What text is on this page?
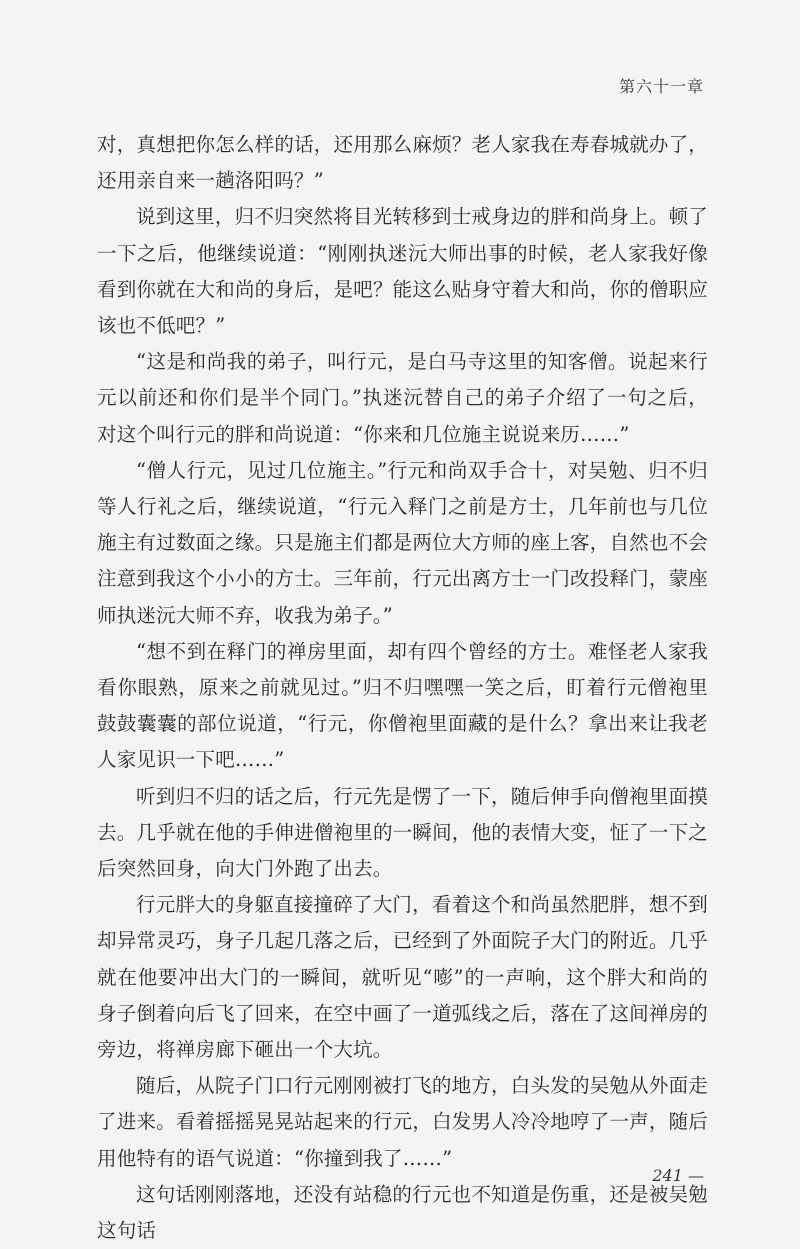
第六十一章

对，真想把你怎么样的话，还用那么麻烦？老人家我在寿春城就办了，还用亲自来一趟洛阳吗？”

说到这里，归不归突然将目光转移到士戒身边的胖和尚身上。顿了一下之后，他继续说道：“刚刚执迷沅大师出事的时候，老人家我好像看到你就在大和尚的身后，是吧？能这么贴身守着大和尚，你的僧职应该也不低吧？”

“这是和尚我的弟子，叫行元，是白马寺这里的知客僧。说起来行元以前还和你们是半个同门。”执迷沅替自己的弟子介绍了一句之后，对这个叫行元的胖和尚说道：“你来和几位施主说说来历……”

“僧人行元，见过几位施主。”行元和尚双手合十，对吴勉、归不归等人行礼之后，继续说道，“行元入释门之前是方士，几年前也与几位施主有过数面之缘。只是施主们都是两位大方师的座上客，自然也不会注意到我这个小小的方士。三年前，行元出离方士一门改投释门，蒙座师执迷沅大师不弃，收我为弟子。”

“想不到在释门的禅房里面，却有四个曾经的方士。难怪老人家我看你眼熟，原来之前就见过。”归不归嘿嘿一笑之后，盯着行元僧袍里鼓鼓囊囊的部位说道，“行元，你僧袍里面藏的是什么？拿出来让我老人家见识一下吧……”

听到归不归的话之后，行元先是愣了一下，随后伸手向僧袍里面摸去。几乎就在他的手伸进僧袍里的一瞬间，他的表情大变，怔了一下之后突然回身，向大门外跑了出去。

行元胖大的身躯直接撞碎了大门，看着这个和尚虽然肥胖，想不到却异常灵巧，身子几起几落之后，已经到了外面院子大门的附近。几乎就在他要冲出大门的一瞬间，就听见“嘭”的一声响，这个胖大和尚的身子倒着向后飞了回来，在空中画了一道弧线之后，落在了这间禅房的旁边，将禅房廊下砸出一个大坑。

随后，从院子门口行元刚刚被打飞的地方，白头发的吴勉从外面走了进来。看着摇摇晃晃站起来的行元，白发男人冷冷地哼了一声，随后用他特有的语气说道：“你撞到我了……”

这句话刚刚落地，还没有站稳的行元也不知道是伤重，还是被吴勉这句话

241 —
